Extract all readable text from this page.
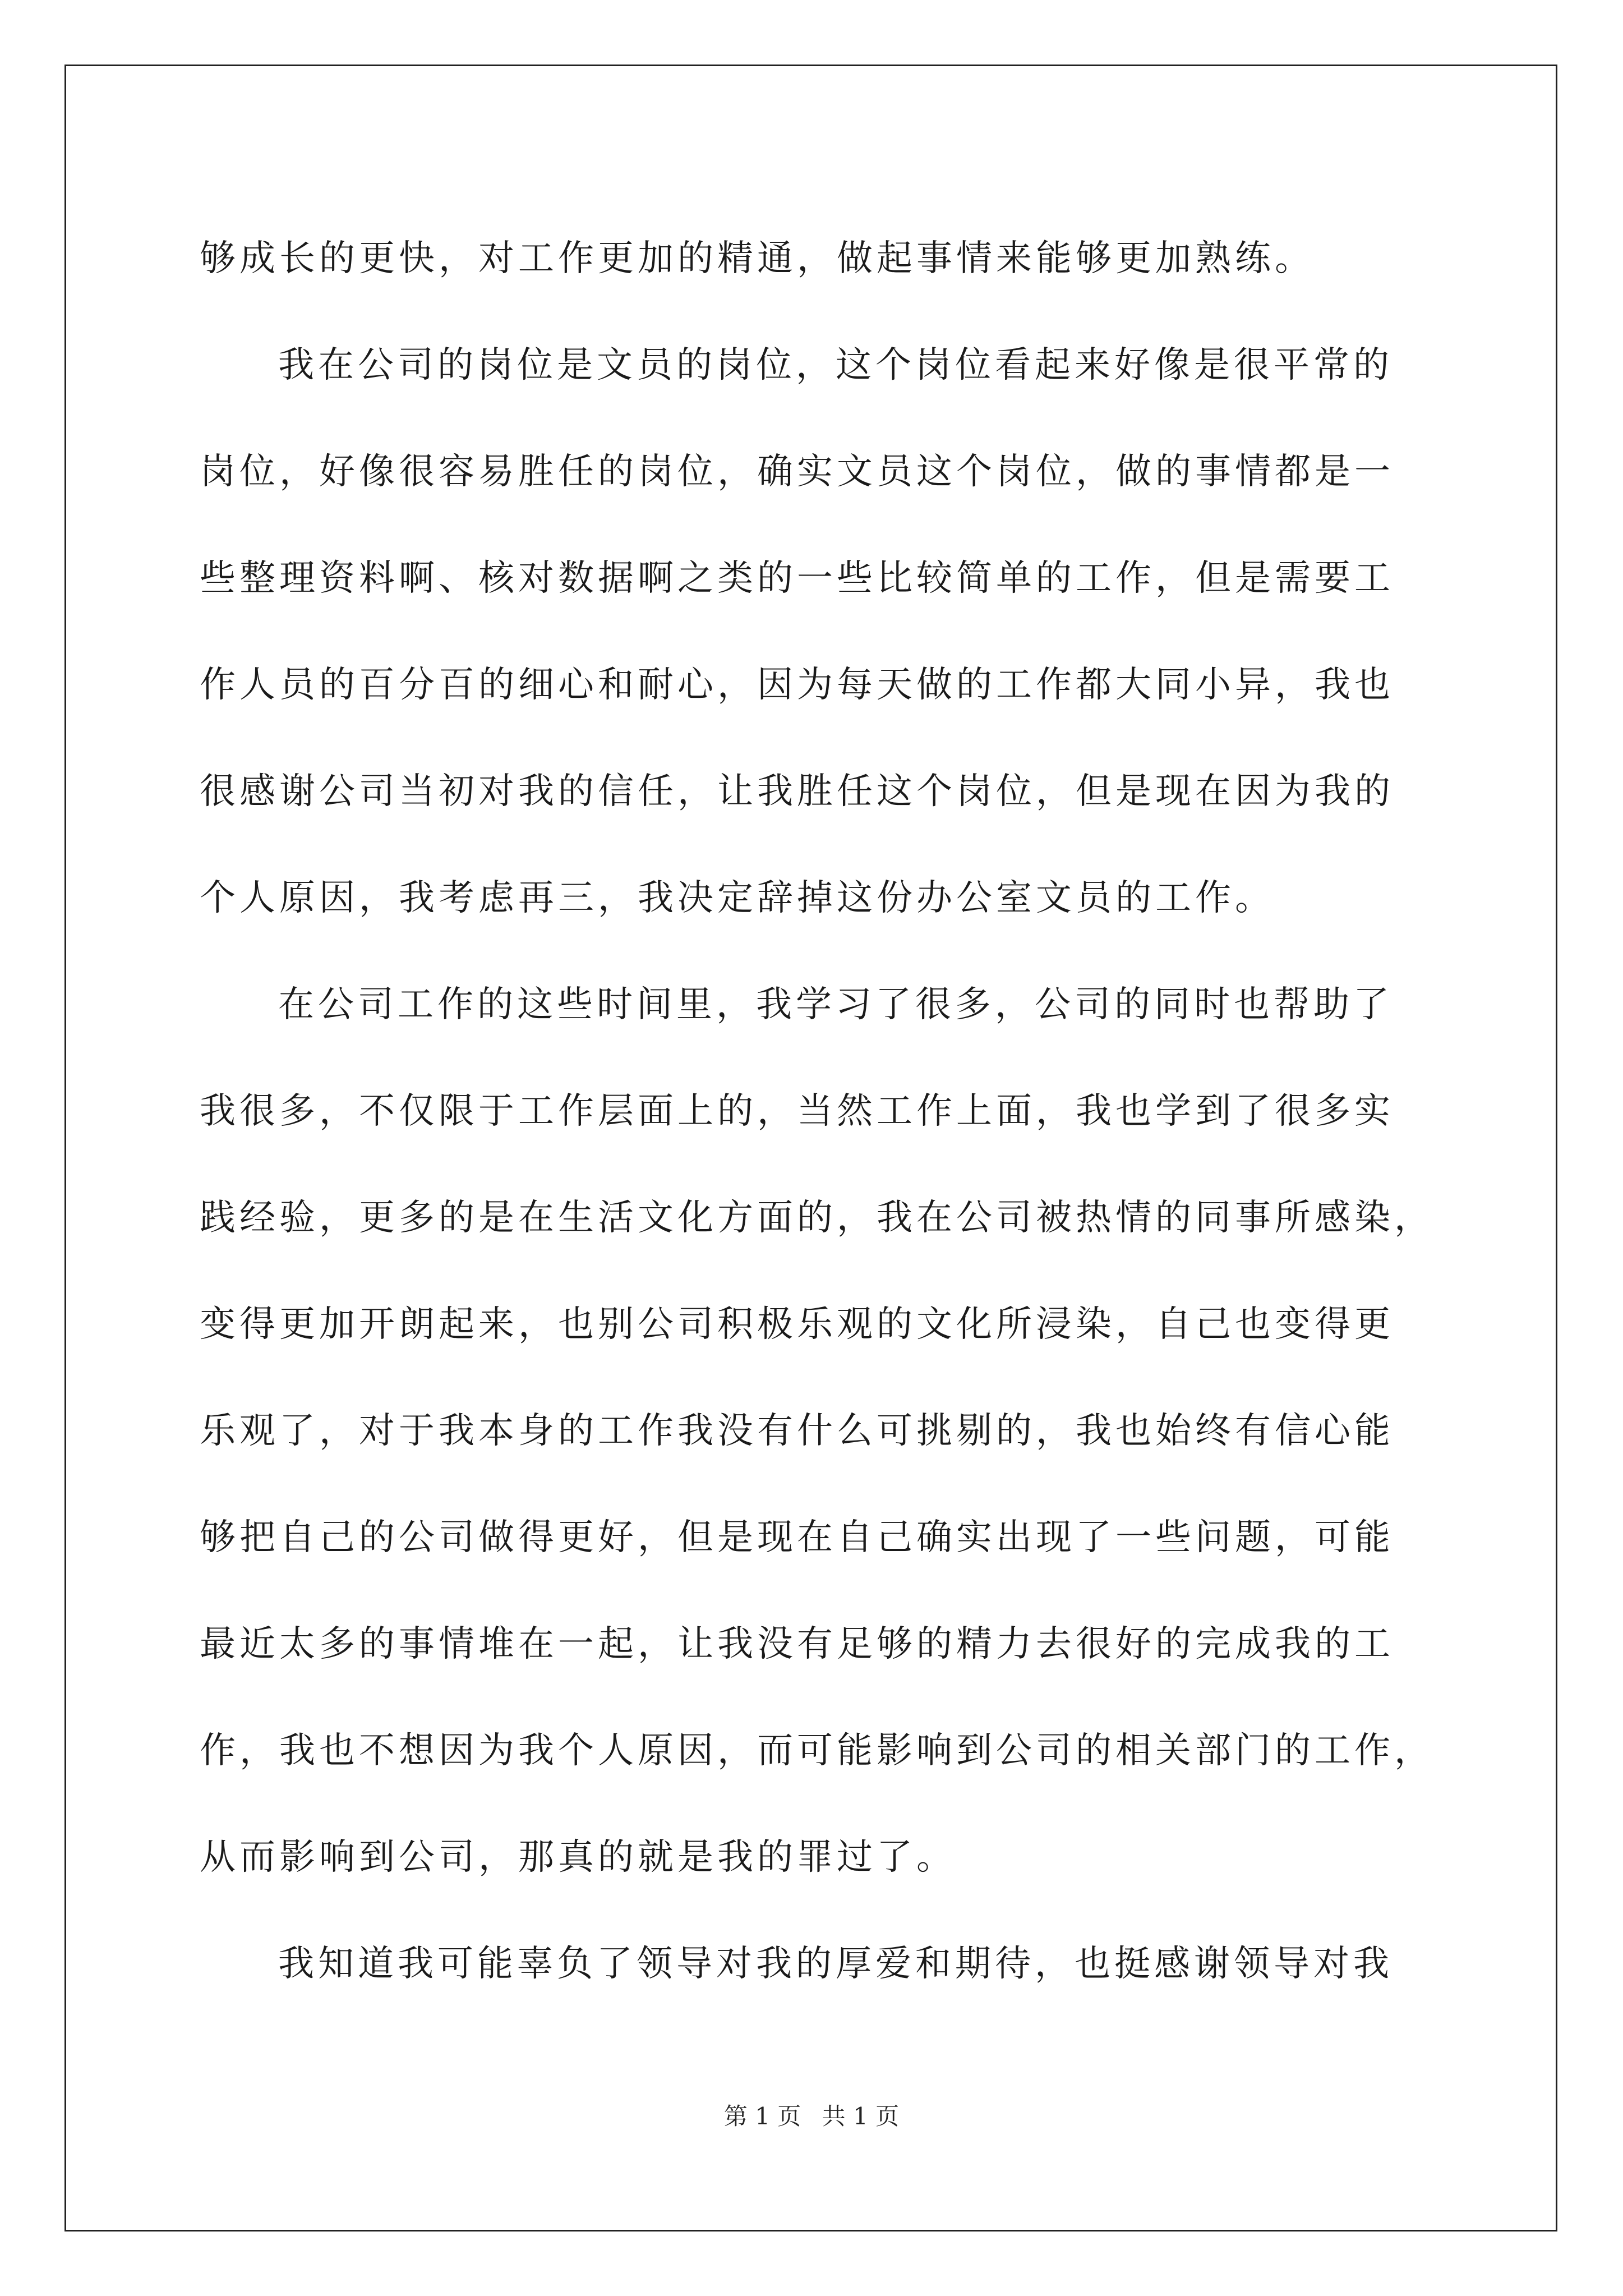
够成长的更快，对工作更加的精通，做起事情来能够更加熟练。
我在公司的岗位是文员的岗位，这个岗位看起来好像是很平常的
岗位，好像很容易胜任的岗位，确实文员这个岗位，做的事情都是一
些整理资料啊、核对数据啊之类的一些比较简单的工作，但是需要工
作人员的百分百的细心和耐心，因为每天做的工作都大同小异，我也
很感谢公司当初对我的信任，让我胜任这个岗位，但是现在因为我的
个人原因，我考虑再三，我决定辞掉这份办公室文员的工作。
在公司工作的这些时间里，我学习了很多，公司的同时也帮助了
我很多，不仅限于工作层面上的，当然工作上面，我也学到了很多实
践经验，更多的是在生活文化方面的，我在公司被热情的同事所感染，
变得更加开朗起来，也别公司积极乐观的文化所浸染，自己也变得更
乐观了，对于我本身的工作我没有什么可挑剔的，我也始终有信心能
够把自己的公司做得更好，但是现在自己确实出现了一些问题，可能
最近太多的事情堆在一起，让我没有足够的精力去很好的完成我的工
作，我也不想因为我个人原因，而可能影响到公司的相关部门的工作，
从而影响到公司，那真的就是我的罪过了。
我知道我可能辜负了领导对我的厚爱和期待，也挺感谢领导对我
第 1 页 共 1 页
